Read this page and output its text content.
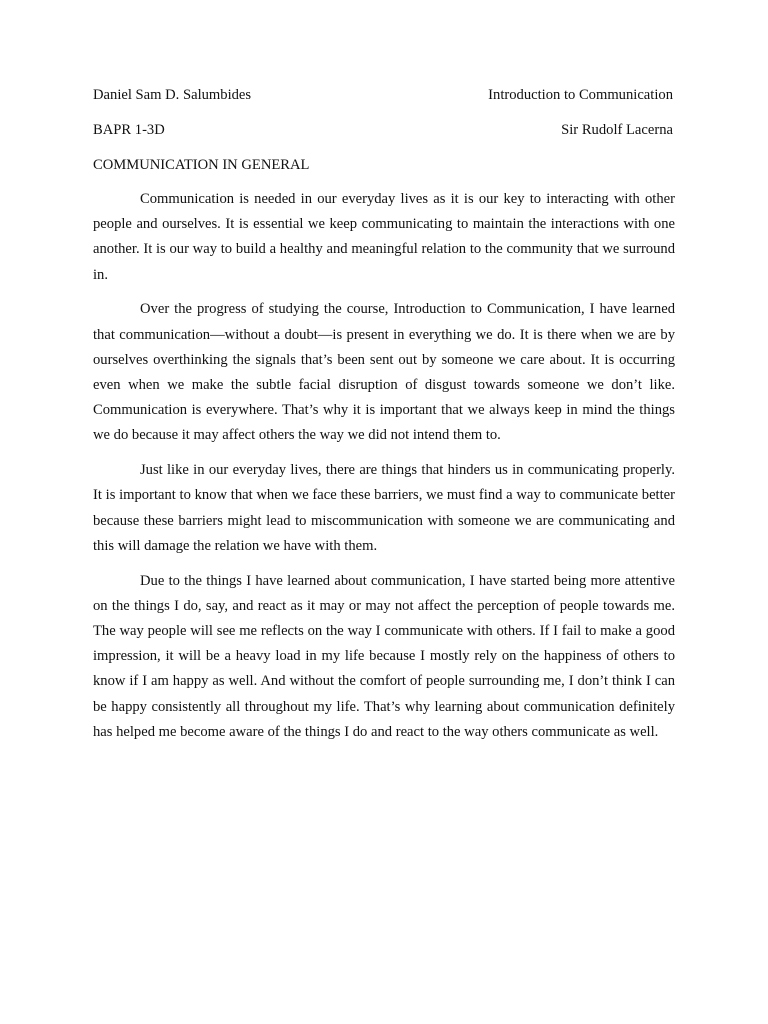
Daniel Sam D. Salumbides	Introduction to Communication
BAPR 1-3D	Sir Rudolf Lacerna
COMMUNICATION IN GENERAL

Communication is needed in our everyday lives as it is our key to interacting with other people and ourselves. It is essential we keep communicating to maintain the interactions with one another. It is our way to build a healthy and meaningful relation to the community that we surround in.

Over the progress of studying the course, Introduction to Communication, I have learned that communication—without a doubt—is present in everything we do. It is there when we are by ourselves overthinking the signals that’s been sent out by someone we care about. It is occurring even when we make the subtle facial disruption of disgust towards someone we don’t like. Communication is everywhere. That’s why it is important that we always keep in mind the things we do because it may affect others the way we did not intend them to.

Just like in our everyday lives, there are things that hinders us in communicating properly. It is important to know that when we face these barriers, we must find a way to communicate better because these barriers might lead to miscommunication with someone we are communicating and this will damage the relation we have with them.

Due to the things I have learned about communication, I have started being more attentive on the things I do, say, and react as it may or may not affect the perception of people towards me. The way people will see me reflects on the way I communicate with others. If I fail to make a good impression, it will be a heavy load in my life because I mostly rely on the happiness of others to know if I am happy as well. And without the comfort of people surrounding me, I don’t think I can be happy consistently all throughout my life. That’s why learning about communication definitely has helped me become aware of the things I do and react to the way others communicate as well.
